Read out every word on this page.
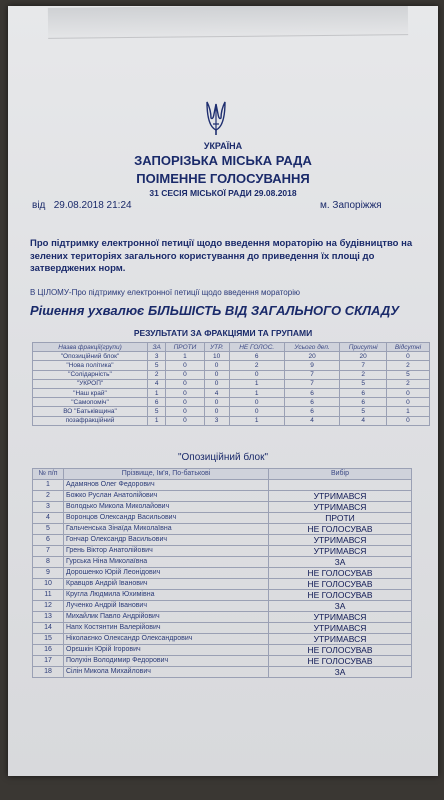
УКРАЇНА
ЗАПОРІЗЬКА МІСЬКА РАДА
ПОІМЕННЕ ГОЛОСУВАННЯ
31 СЕСІЯ МІСЬКОЇ РАДИ 29.08.2018
від 29.08.2018 21:24	м. Запоріжжя
Про підтримку електронної петиції щодо введення мораторію на будівництво на зелених територіях загального користування до приведення їх площі до затверджених норм.
В ЦІЛОМУ-Про підтримку електронної петиції щодо введення мораторію
Рішення ухвалює БІЛЬШІСТЬ ВІД ЗАГАЛЬНОГО СКЛАДУ
РЕЗУЛЬТАТИ ЗА ФРАКЦІЯМИ ТА ГРУПАМИ
Назва фракції(групи)	ЗА	ПРОТИ	УТР.	НЕ ГОЛОС.	Усього деп.	Присутні	Відсутні
"Опозиційний блок"	3	1	10	6	20	20	0
"Нова політика"	5	0	0	2	9	7	2
"Солідарність"	2	0	0	0	7	2	5
"УКРОП"	4	0	0	1	7	5	2
"Наш край"	1	0	4	1	6	6	0
"Самопоміч"	6	0	0	0	6	6	0
ВО "Батьківщина"	5	0	0	0	6	5	1
позафракційний	1	0	3	1	4	4	0
"Опозиційний блок"
№ п/п	Прізвище, Ім'я, По-батькові	Вибір
1	Адамянов Олег Федорович	
2	Божко Руслан Анатолійович	УТРИМАВСЯ
3	Володько Микола Миколайович	УТРИМАВСЯ
4	Воронцов Олександр Васильович	ПРОТИ
5	Гальченська Зінаїда Миколаївна	НЕ ГОЛОСУВАВ
6	Гончар Олександр Васильович	УТРИМАВСЯ
7	Грень Віктор Анатолійович	УТРИМАВСЯ
8	Гурська Ніна Миколаївна	ЗА
9	Дорошенко Юрій Леонідович	НЕ ГОЛОСУВАВ
10	Кравцов Андрій Іванович	НЕ ГОЛОСУВАВ
11	Кругла Людмила Юхимівна	НЕ ГОЛОСУВАВ
12	Лученко Андрій Іванович	ЗА
13	Михайлик Павло Андрійович	УТРИМАВСЯ
14	Напх Костянтин Валерійович	УТРИМАВСЯ
15	Ніколаєнко Олександр Олександрович	УТРИМАВСЯ
16	Орєшкін Юрій Ігорович	НЕ ГОЛОСУВАВ
17	Полухін Володимир Федорович	НЕ ГОЛОСУВАВ
18	Сілін Микола Михайлович	ЗА
